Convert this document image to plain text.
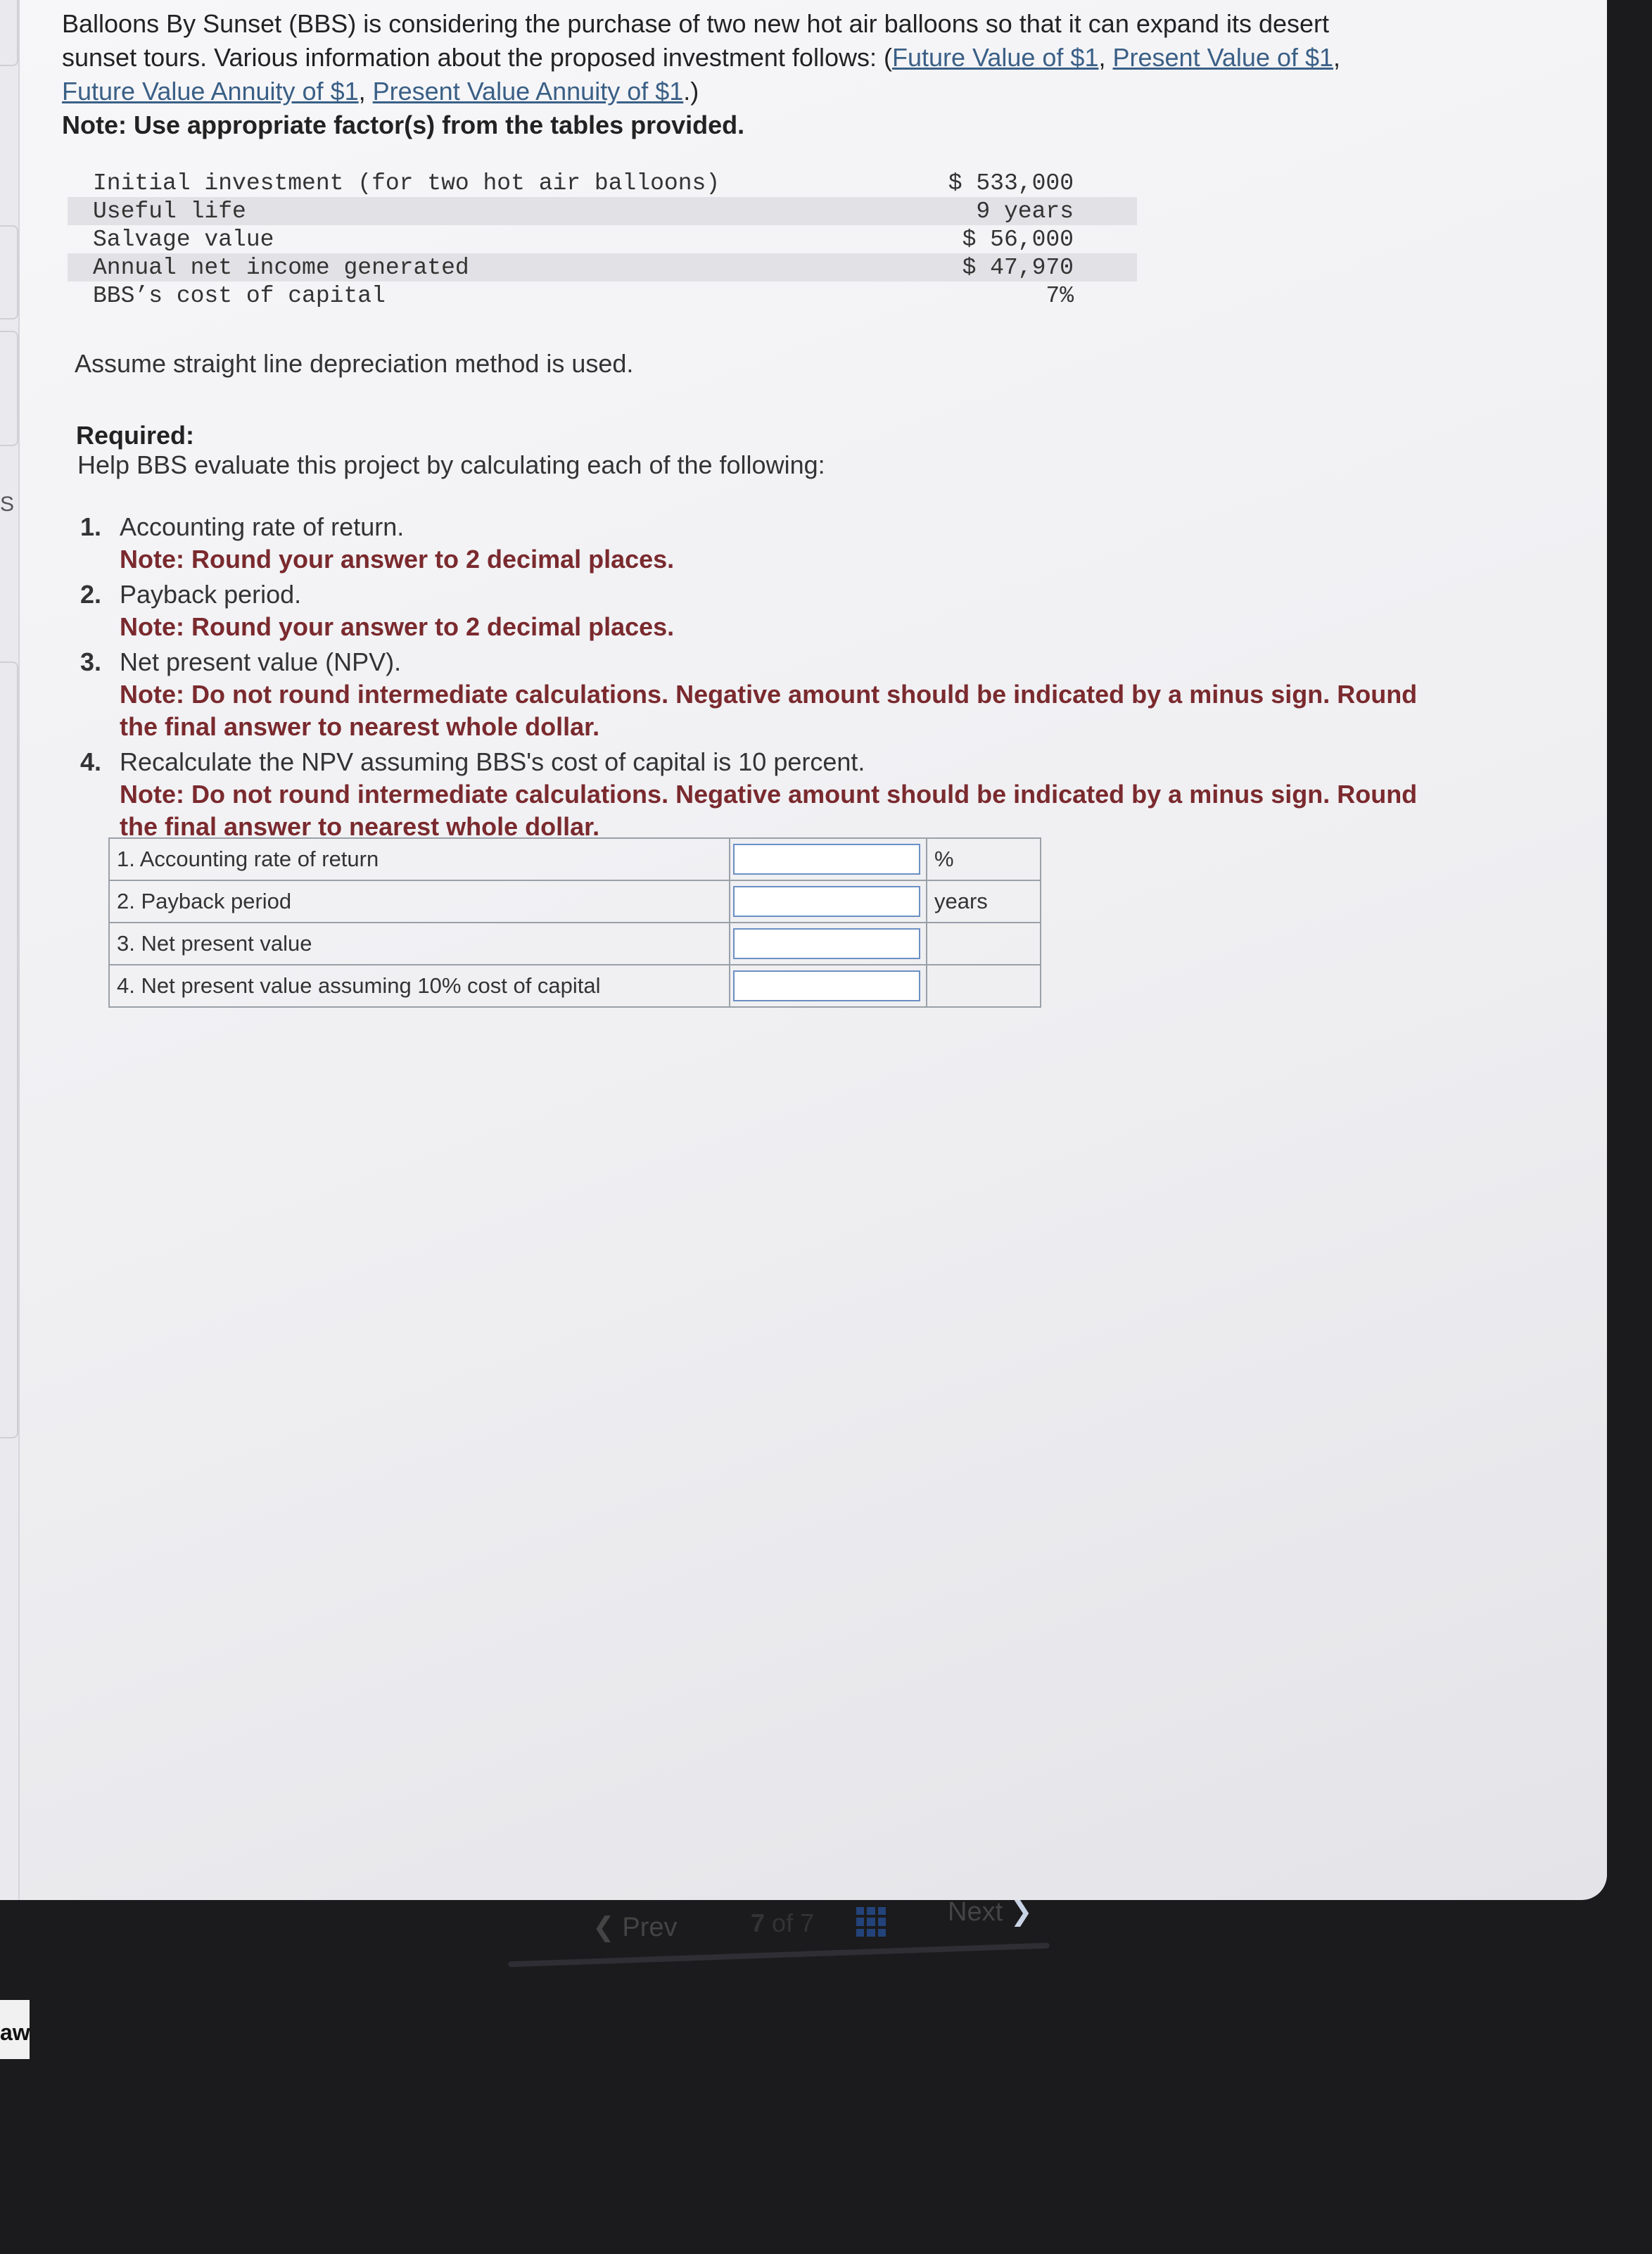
S
aw
Balloons By Sunset (BBS) is considering the purchase of two new hot air balloons so that it can expand its desert sunset tours. Various information about the proposed investment follows: (Future Value of $1, Present Value of $1, Future Value Annuity of $1, Present Value Annuity of $1.)
Note: Use appropriate factor(s) from the tables provided.
Initial investment (for two hot air balloons)	$ 533,000
Useful life	9 years
Salvage value	$ 56,000
Annual net income generated	$ 47,970
BBS’s cost of capital	7%
Assume straight line depreciation method is used.
Required:
Help BBS evaluate this project by calculating each of the following:
1. Accounting rate of return.
Note: Round your answer to 2 decimal places.
2. Payback period.
Note: Round your answer to 2 decimal places.
3. Net present value (NPV).
Note: Do not round intermediate calculations. Negative amount should be indicated by a minus sign. Round the final answer to nearest whole dollar.
4. Recalculate the NPV assuming BBS's cost of capital is 10 percent.
Note: Do not round intermediate calculations. Negative amount should be indicated by a minus sign. Round the final answer to nearest whole dollar.
1. Accounting rate of return		%
2. Payback period		years
3. Net present value		
4. Net present value assuming 10% cost of capital		
❮ Prev	7 of 7	Next ❯
